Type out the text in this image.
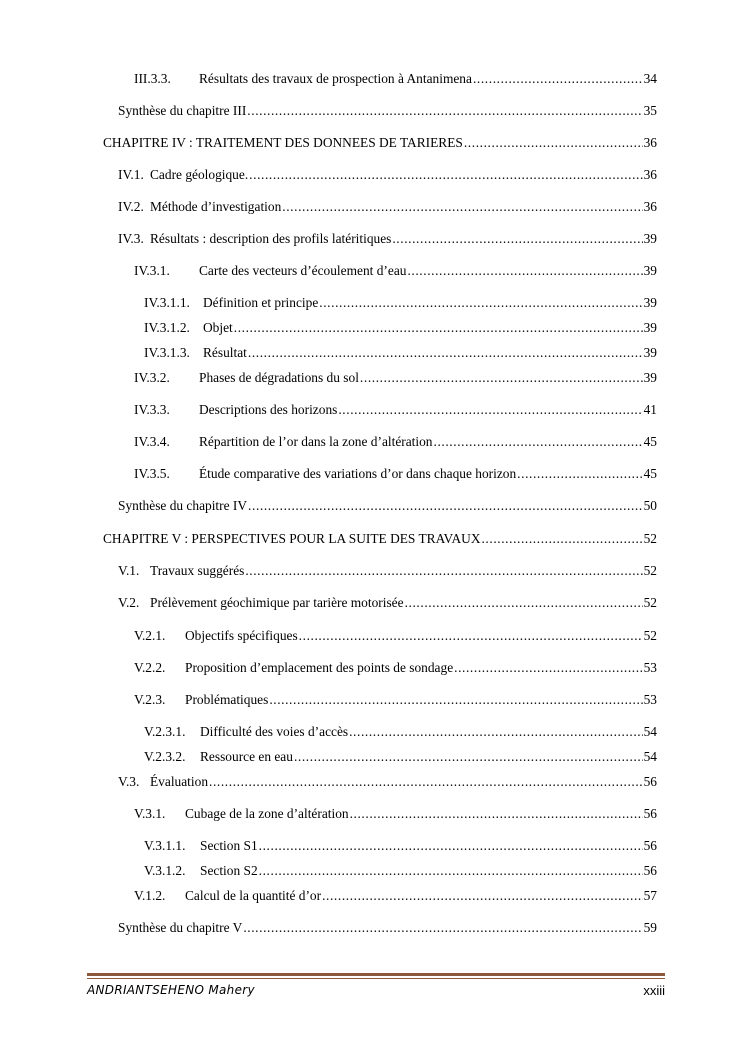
III.3.3.	Résultats des travaux de prospection à Antanimena .....	34
Synthèse du chapitre III .....	35
CHAPITRE IV : TRAITEMENT DES DONNEES DE TARIERES .....	36
IV.1. Cadre géologique. .....	36
IV.2. Méthode d’investigation .....	36
IV.3. Résultats : description des profils latéritiques .....	39
IV.3.1.	Carte des vecteurs d’écoulement d’eau .....	39
IV.3.1.1. Définition et principe .....	39
IV.3.1.2. Objet .....	39
IV.3.1.3. Résultat .....	39
IV.3.2.	Phases de dégradations du sol .....	39
IV.3.3.	Descriptions des horizons .....	41
IV.3.4.	Répartition de l’or dans la zone d’altération .....	45
IV.3.5.	Étude comparative des variations d’or dans chaque horizon .....	45
Synthèse du chapitre IV .....	50
CHAPITRE V : PERSPECTIVES POUR LA SUITE DES TRAVAUX .....	52
V.1. Travaux suggérés .....	52
V.2. Prélèvement géochimique par tarière motorisée .....	52
V.2.1.	Objectifs spécifiques .....	52
V.2.2.	Proposition d’emplacement des points de sondage .....	53
V.2.3.	Problématiques .....	53
V.2.3.1.	Difficulté des voies d’accès .....	54
V.2.3.2.	Ressource en eau .....	54
V.3. Évaluation .....	56
V.3.1.	Cubage de la zone d’altération .....	56
V.3.1.1.	Section S1 .....	56
V.3.1.2.	Section S2 .....	56
V.1.2.	Calcul de la quantité d’or .....	57
Synthèse du chapitre V .....	59
ANDRIANTSEHENO Mahery	xxiii
